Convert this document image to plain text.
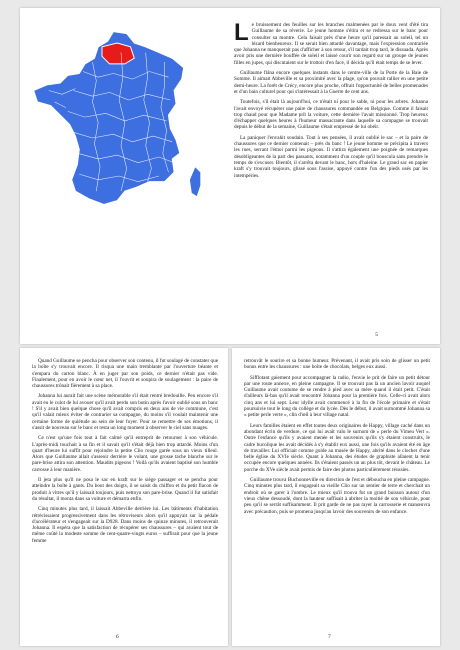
Le bruissement des feuilles sur les branches malmenées par le doux vent d'été tira Guillaume de sa rêverie. Le jeune homme s'étira et se redressa sur le banc pour consulter sa montre. Cela faisait près d'une heure qu'il paressait au soleil, tel un lézard bienheureux. Il se serait bien attardé davantage, mais l'expression contrariée que Johanna ne manquerait pas d'afficher à son retour, s'il tardait trop tard, le dissuada. Après avoir pris une dernière bouffée de soleil et laissé courir son regard sur un groupe de jeunes filles en jupes, qui discutaient sur le trottoir d'en face, il décida qu'il était temps de se lever.

Guillaume flâna encore quelques instants dans le centre-ville de la Porte de la Baie de Somme. Il aimait Abbeville et sa proximité avec la plage, qu'on pouvait rallier en une petite demi-heure. La forêt de Crécy, encore plus proche, offrait l'opportunité de belles promenades et d'un bain culturel pour qui s'intéressait à la Guerre de cent ans.

Toutefois, s'il était là aujourd'hui, ce n'était ni pour le sable, ni pour les arbres. Johanna l'avait envoyé récupérer une paire de chaussures commandée en Belgique. Comme il faisait trop chaud pour que Madame prît la voiture, cette dernière l'avait missionné. Trop heureux d'échapper quelques heures à l'humeur massacrante dans laquelle sa compagne se trouvait depuis le début de la semaine, Guillaume s'était empressé de lui obéir.

La paniquer l'envahit soudain. Tout à ses pensées, il avait oublié le sac – et la paire de chaussures que ce dernier contenait – près du banc ! Le jeune homme se précipita à travers les rues, serrant l'émoi parmi les pigeons. Il s'attira également une poignée de remarques désobligeantes de la part des passants, notamment d'un couple qu'il bouscula sans prendre le temps de s'excuser. Bientôt, il s'arrêta devant le banc, hors d'haleine. Le grand sac en papier kraft s'y trouvait toujours, glissé sous l'assise, appuyé contre l'un des pieds usés par les intempéries.

5

Quand Guillaume se pencha pour observer son contenu, il fut soulagé de constater que la boîte s'y trouvait encore. Il risqua une main tremblante par l'ouverture béante et s'empara du carton blanc. À en juger par son poids, ce dernier n'était pas vide. Finalement, pour en avoir le cœur net, il l'ouvrit et soupira de soulagement : la paire de chaussures trônait fièrement à sa place.

Johanna lui aurait fait une scène mémorable s'il était rentré bredouille. Peu encore s'il avait eu le culot de lui avouer qu'il avait perdu son butin après l'avoir oublié sous un banc ! S'il y avait bien quelque chose qu'il avait compris en deux ans de vie commune, c'est qu'il valait mieux éviter de contrarier sa compagne, du moins s'il voulait maintenir une certaine forme de quiétude au sein de leur foyer. Pour se remettre de ses émotions, il s'assit de nouveau sur le banc et resta un long moment à observer le ciel sans nuages.

Ce n'est qu'une fois tout à fait calmé qu'il entreprit de retourner à son véhicule. L'après-midi touchait à sa fin et il savait qu'il s'était déjà bien trop attardé. Moins d'un quart d'heure lui suffit pour rejoindre la petite Clio rouge garée sous un vieux tilleul. Alors que Guillaume allait s'asseoir derrière le volant, une grosse tache blanche sur le pare-brise attira son attention. Maudits pigeons ! Voilà qu'ils avaient baptisé son humble carrosse à leur manière.

Il jeta plus qu'il ne posa le sac en kraft sur le siège passager et se pencha pour atteindre la boîte à gants. Du bout des doigts, il se saisit du chiffon et du petit flacon de produit à vitres qu'il y laissait toujours, puis nettoya son pare-brise. Quand il fut satisfait du résultat, il monta dans sa voiture et démarra enfin.

Cinq minutes plus tard, il laissait Abbeville derrière lui. Les bâtiments d'habitation rétrécissaient progressivement dans les rétroviseurs alors qu'il appuyait sur la pédale d'accélérateur et s'engageait sur la D928. Dans moins de quinze minutes, il retrouverait Johanna. Il espéra que la satisfaction de récupérer ses chaussures – qui avaient tout de même coûté la modeste somme de cent-quatre-vingts euros – suffirait pour que la jeune femme

6

retrouvât le sourire et sa bonne humeur. Prévenant, il avait pris soin de glisser un petit bonus entre les chaussures : une boîte de chocolats, belges eux aussi.

Sifflotant gaiement pour accompagner la radio, l'envie le prit de faire un petit détour par une route annexe, en pleine campagne. Il se trouvait pas là un ancien lavoir auquel Guillaume avait coutume de se rendre à pied avec sa mère quand il était petit. C'était d'ailleurs là-bas qu'il avait rencontré Johanna pour la première fois. Celle-ci avait alors cinq ans et lui sept. Leur idylle avait commencé à la fin de l'école primaire et s'était poursuivie tout le long du collège et du lycée. Dès le début, il avait surnommé Johanna sa « petite perle verte », clin d'œil à leur village natal.

Leurs familles étaient en effet toutes deux originaires de Happy, village caché dans un abondant écrin de verdure, ce qui lui avait valu le surnom de « perle du Vimeu Vert ». Outre l'enfance qu'ils y avaient menée et les souvenirs qu'ils s'y étaient construits, le cadre bucolique les avait décidés à s'y établir eux aussi, une fois qu'ils avaient été en âge de travailler. Lui officiait comme guide au musée de Happy, abrité dans le clocher d'une belle église du XVIe siècle. Quant à Johanna, des études de graphiste allaient la tenir occupée encore quelques années. Ils s'étaient passés un an plus tôt, devant le château. Le porche du XVe siècle avait permis de faire des photos particulièrement réussies.

Guillaume trouva Buchonneville en direction de l'est et déboucha en pleine campagne. Cinq minutes plus tard, il engageait sa vieille Clio sur un sentier de terre et cherchait un endroit où se garer à l'ombre. Le mieux qu'il trouva fut un grand buisson autour d'un vieux chêne dessoudé, dont la hauteur suffisait à abriter la moitié de son véhicule, pour peu qu'il se serrât suffisamment. Il prit garde de ne pas rayer la carrosserie et manœuvra avec précaution, puis se promena jusqu'au lavoir des souvenirs de son enfance.

7
